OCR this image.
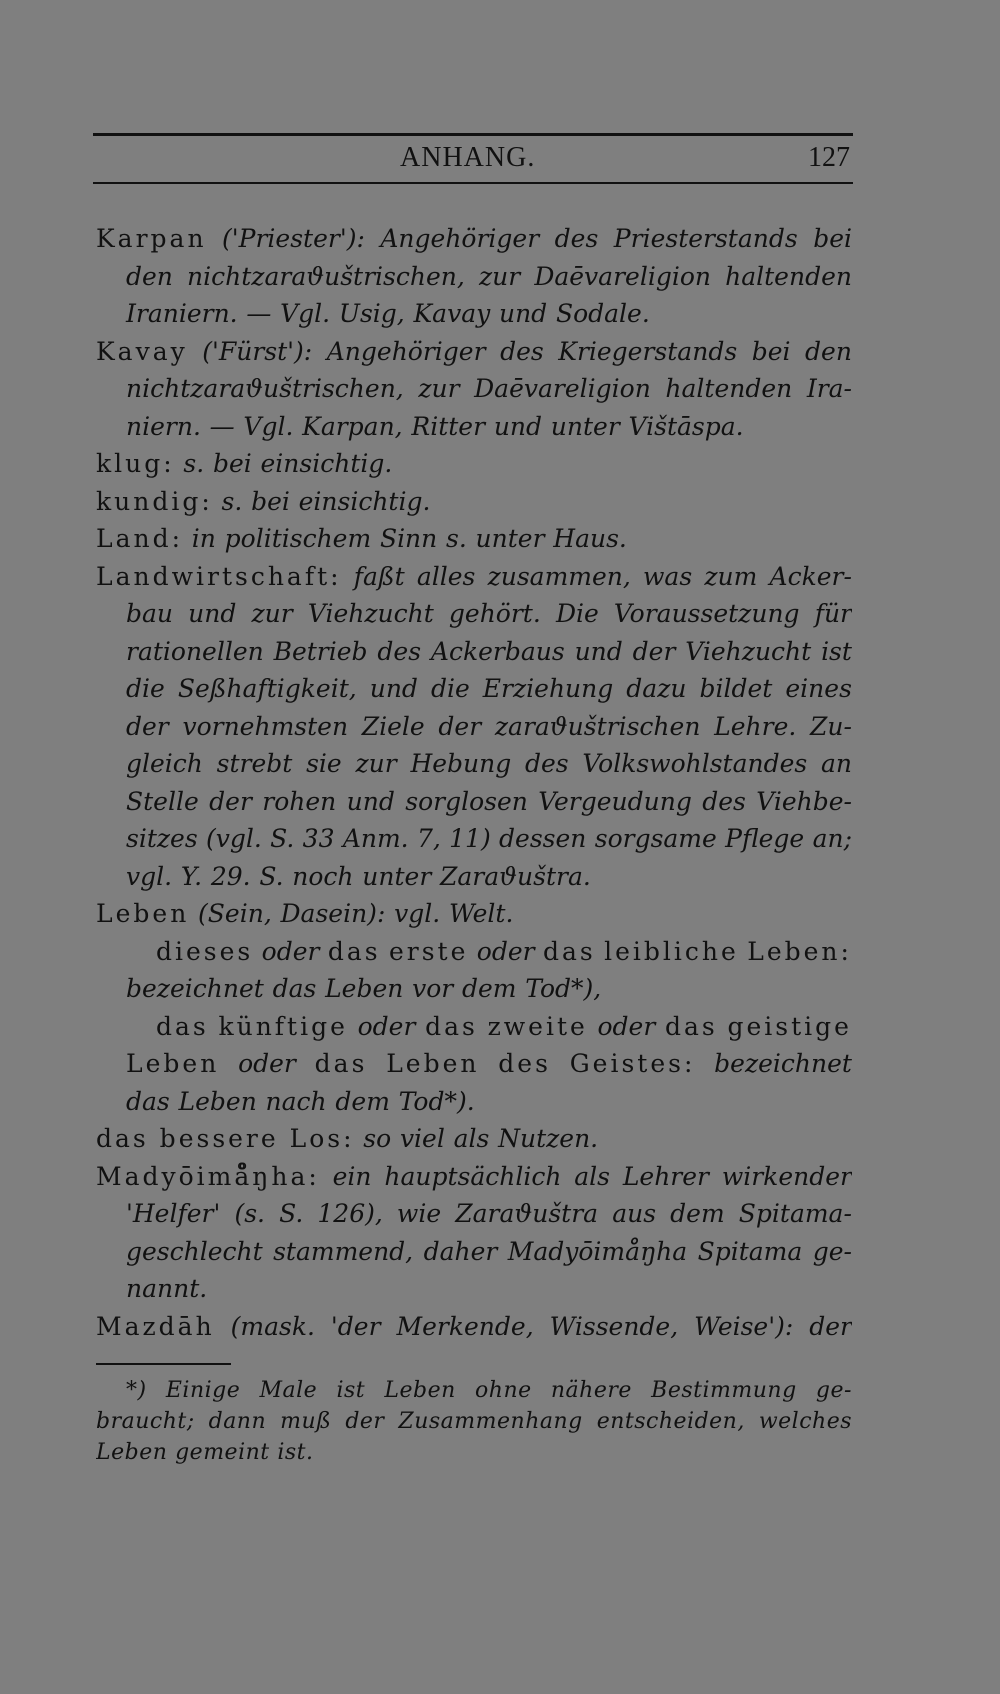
ANHANG.	127
Karpan ('Priester'): Angehöriger des Priesterstands bei
den nichtzaraϑuštrischen, zur Daēvareligion haltenden
Iraniern. — Vgl. Usig, Kavay und Sodale.
Kavay ('Fürst'): Angehöriger des Kriegerstands bei den
nichtzaraϑuštrischen, zur Daēvareligion haltenden Ira-
niern. — Vgl. Karpan, Ritter und unter Vištāspa.
klug: s. bei einsichtig.
kundig: s. bei einsichtig.
Land: in politischem Sinn s. unter Haus.
Landwirtschaft: faßt alles zusammen, was zum Acker-
bau und zur Viehzucht gehört. Die Voraussetzung für
rationellen Betrieb des Ackerbaus und der Viehzucht ist
die Seßhaftigkeit, und die Erziehung dazu bildet eines
der vornehmsten Ziele der zaraϑuštrischen Lehre. Zu-
gleich strebt sie zur Hebung des Volkswohlstandes an
Stelle der rohen und sorglosen Vergeudung des Viehbe-
sitzes (vgl. S. 33 Anm. 7, 11) dessen sorgsame Pflege an;
vgl. Y. 29. S. noch unter Zaraϑuštra.
Leben (Sein, Dasein): vgl. Welt.
dieses oder das erste oder das leibliche Leben:
bezeichnet das Leben vor dem Tod*),
das künftige oder das zweite oder das geistige
Leben oder das Leben des Geistes: bezeichnet
das Leben nach dem Tod*).
das bessere Los: so viel als Nutzen.
Madyōimå̊ŋha: ein hauptsächlich als Lehrer wirkender
'Helfer' (s. S. 126), wie Zaraϑuštra aus dem Spitama-
geschlecht stammend, daher Madyōimå̊ŋha Spitama ge-
nannt.
Mazdāh (mask. 'der Merkende, Wissende, Weise'): der
*) Einige Male ist Leben ohne nähere Bestimmung ge-
braucht; dann muß der Zusammenhang entscheiden, welches
Leben gemeint ist.
